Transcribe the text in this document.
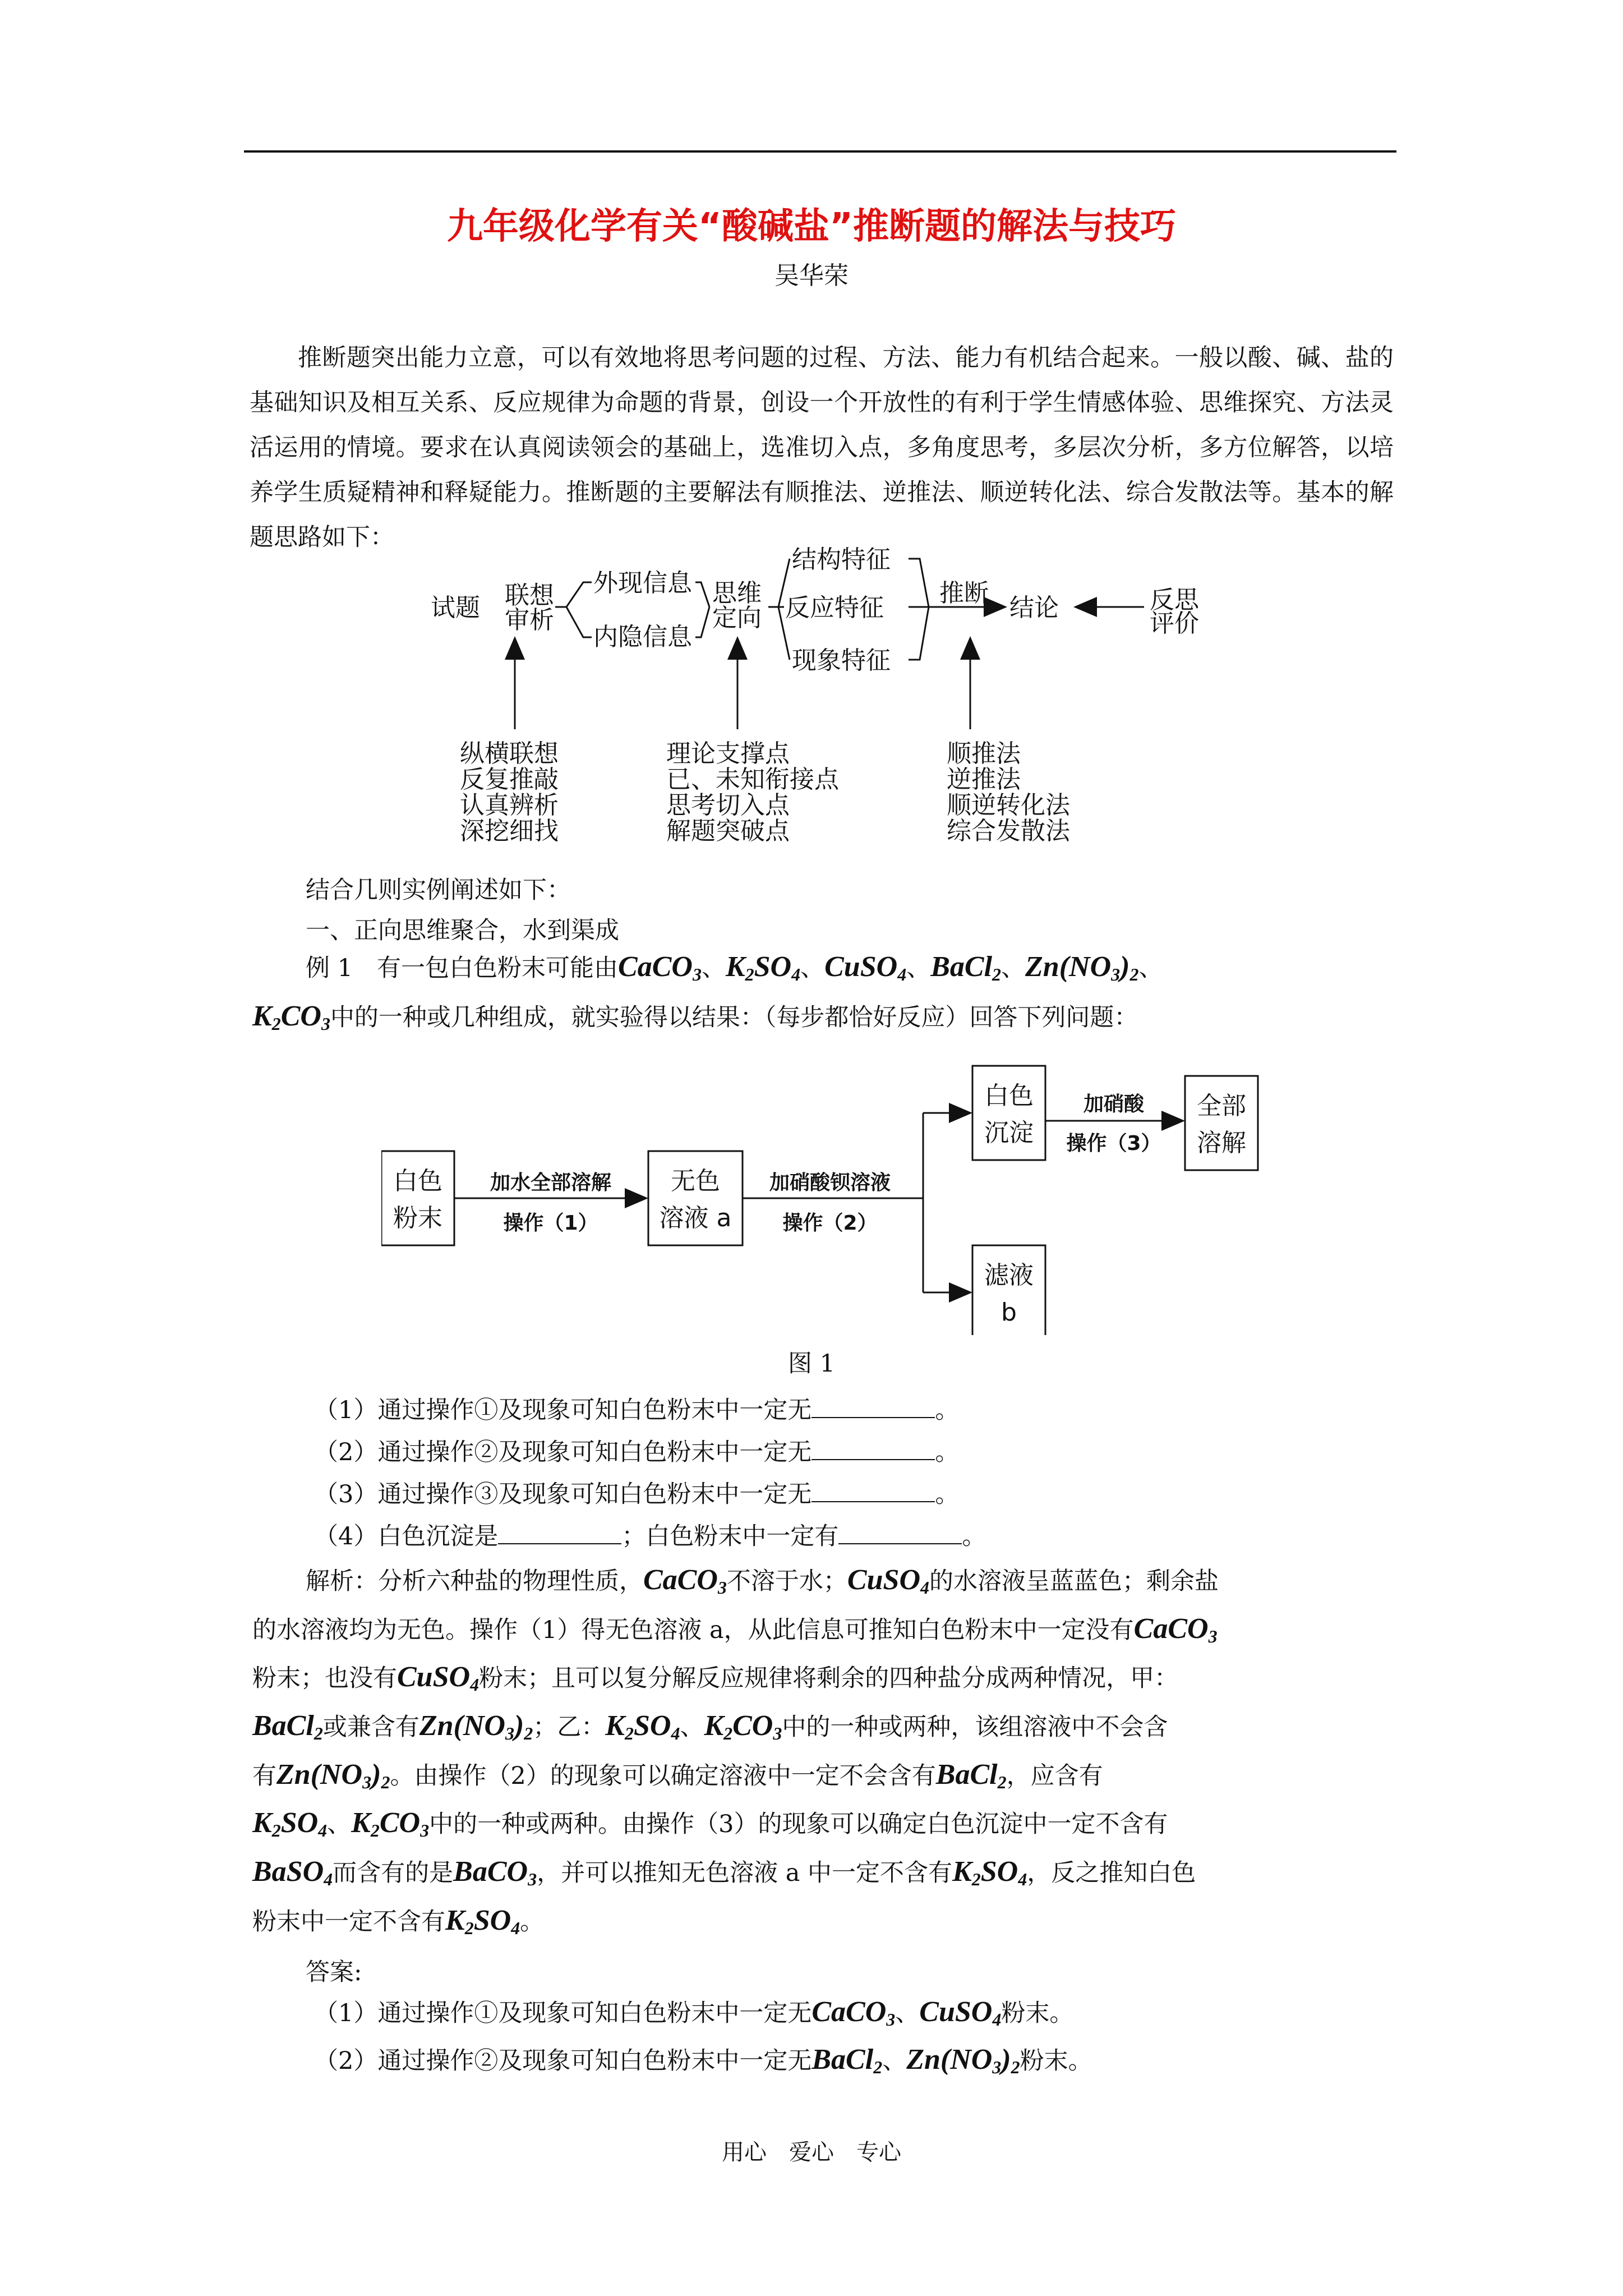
九年级化学有关“酸碱盐”推断题的解法与技巧
吴华荣
推断题突出能力立意，可以有效地将思考问题的过程、方法、能力有机结合起来。一般以酸、碱、盐的基础知识及相互关系、反应规律为命题的背景，创设一个开放性的有利于学生情感体验、思维探究、方法灵活运用的情境。要求在认真阅读领会的基础上，选准切入点，多角度思考，多层次分析，多方位解答，以培养学生质疑精神和释疑能力。推断题的主要解法有顺推法、逆推法、顺逆转化法、综合发散法等。基本的解题思路如下：
试题 联想
审析
外现信息
内隐信息
思维
定向
结构特征
反应特征
现象特征
推断
结论	反思
评价
纵横联想
反复推敲
认真辨析
深挖细找
理论支撑点
已、未知衔接点
思考切入点
解题突破点
顺推法
逆推法
顺逆转化法
综合发散法
结合几则实例阐述如下：
一、正向思维聚合，水到渠成
例 1　 有一包白色粉末可能由CaCO$_3$、$K_2SO_4$、CuSO$_4$、BaCl$_2$、$Zn(NO_3)_2$、
$K_2CO_3$中的一种或几种组成，就实验得以结果：（每步都恰好反应）回答下列问题：
白色
粉末
无色
溶液 a
白色
沉淀
全部
溶解
滤液
b
加水全部溶解
操作（1）
加硝酸钡溶液
操作（2）
加硝酸
操作（3）
图 1
（1）通过操作①及现象可知白色粉末中一定无	。
（2）通过操作②及现象可知白色粉末中一定无	。
（3）通过操作③及现象可知白色粉末中一定无	。
（4）白色沉淀是	；白色粉末中一定有	。
解析：分析六种盐的物理性质，CaCO$_3$不溶于水；CuSO$_4$的水溶液呈蓝蓝色；剩余盐
的水溶液均为无色。操作（1）得无色溶液 a，从此信息可推知白色粉末中一定没有CaCO$_3$
粉末；也没有CuSO$_4$粉末；且可以复分解反应规律将剩余的四种盐分成两种情况，甲：
BaCl$_2$或兼含有$Zn(NO_3)_2$；乙：$K_2SO_4$、$K_2CO_3$中的一种或两种，该组溶液中不会含
有$Zn(NO_3)_2$。由操作（2）的现象可以确定溶液中一定不会含有BaCl$_2$，应含有
$K_2SO_4$、$K_2CO_3$中的一种或两种。由操作（3）的现象可以确定白色沉淀中一定不含有
BaSO$_4$而含有的是BaCO$_3$，并可以推知无色溶液 a 中一定不含有$K_2SO_4$，反之推知白色
粉末中一定不含有$K_2SO_4$。
答案:
（1）通过操作①及现象可知白色粉末中一定无CaCO$_3$、CuSO$_4$粉末。
（2）通过操作②及现象可知白色粉末中一定无BaCl$_2$、$Zn(NO_3)_2$粉末。
用心　爱心　专心
